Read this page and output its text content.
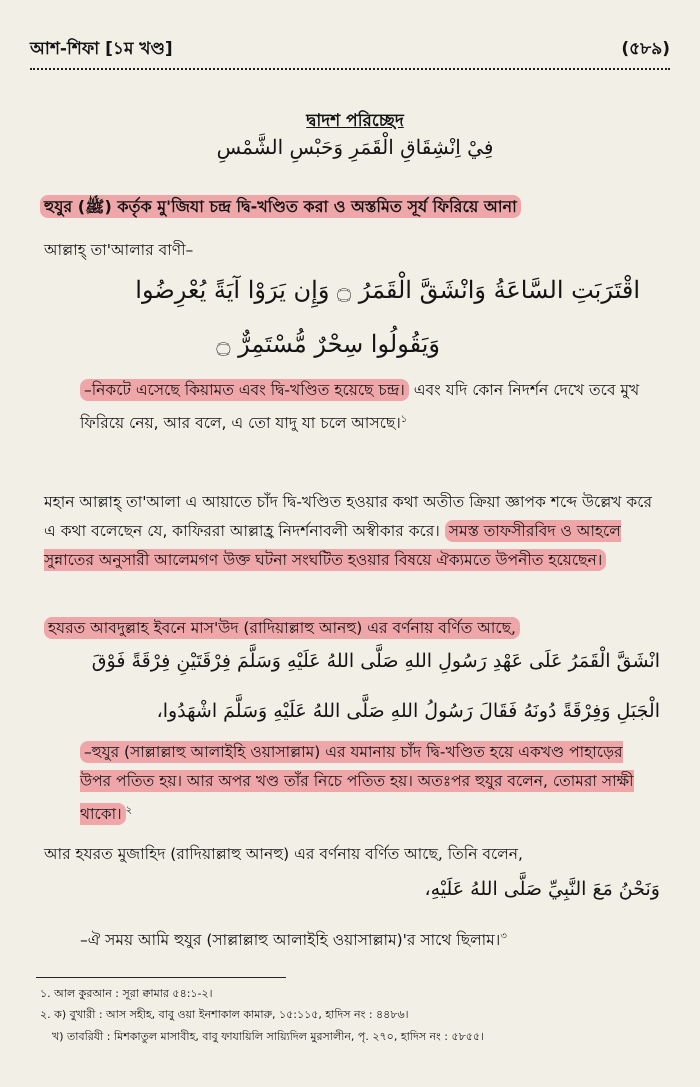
আশ-শিফা [১ম খণ্ড]	(৫৮৯)
দ্বাদশ পরিচ্ছেদ
فِيْ اِنْشِقَاقِ الْقَمَرِ وَحَبْسِ الشَّمْسِ
হুযুর (ﷺ) কর্তৃক মু'জিযা চন্দ্র দ্বি-খণ্ডিত করা ও অস্তমিত সূর্য ফিরিয়ে আনা
আল্লাহ্ তা'আলার বাণী–
اقْتَرَبَتِ السَّاعَةُ وَانْشَقَّ الْقَمَرُ ۝ وَإِن يَرَوْا آيَةً يُعْرِضُوا
وَيَقُولُوا سِحْرٌ مُّسْتَمِرٌّ ۝
–নিকটে এসেছে কিয়ামত এবং দ্বি-খণ্ডিত হয়েছে চন্দ্র। এবং যদি কোন নিদর্শন দেখে তবে মুখ ফিরিয়ে নেয়, আর বলে, এ তো যাদু যা চলে আসছে।$^১$
মহান আল্লাহ্ তা'আলা এ আয়াতে চাঁদ দ্বি-খণ্ডিত হওয়ার কথা অতীত ক্রিয়া জ্ঞাপক শব্দে উল্লেখ করে এ কথা বলেছেন যে, কাফিররা আল্লাহ্র নিদর্শনাবলী অস্বীকার করে। সমস্ত তাফসীরবিদ ও আহলে সুন্নাতের অনুসারী আলেমগণ উক্ত ঘটনা সংঘটিত হওয়ার বিষয়ে ঐক্যমতে উপনীত হয়েছেন।
হযরত আবদুল্লাহ ইবনে মাস'উদ (রাদিয়াল্লাহু আনহু) এর বর্ণনায় বর্ণিত আছে,
انْشَقَّ الْقَمَرُ عَلَى عَهْدِ رَسُولِ اللهِ صَلَّى اللهُ عَلَيْهِ وَسَلَّمَ فِرْقَتَيْنِ فِرْقَةً فَوْقَ
الْجَبَلِ وَفِرْقَةً دُونَهُ فَقَالَ رَسُولُ اللهِ صَلَّى اللهُ عَلَيْهِ وَسَلَّمَ اشْهَدُوا،
–হুযুর (সাল্লাল্লাহু আলাইহি ওয়াসাল্লাম) এর যমানায় চাঁদ দ্বি-খণ্ডিত হয়ে একখণ্ড পাহাড়ের উপর পতিত হয়। আর অপর খণ্ড তাঁর নিচে পতিত হয়। অতঃপর হুযুর বলেন, তোমরা সাক্ষী থাকো। $^২$
আর হযরত মুজাহিদ (রাদিয়াল্লাহু আনহু) এর বর্ণনায় বর্ণিত আছে, তিনি বলেন,
وَنَحْنُ مَعَ النَّبِيِّ صَلَّى اللهُ عَلَيْهِ،
–ঐ সময় আমি হুযুর (সাল্লাল্লাহু আলাইহি ওয়াসাল্লাম)'র সাথে ছিলাম।$^৩$
১. আল কুরআন : সূরা ক্বামার ৫৪:১-২।
২. ক) বুখারী : আস সহীহ, বাবু ওয়া ইনশাকাল কামারু, ১৫:১১৫, হাদিস নং : ৪৪৮৬।
খ) তাবরিযী : মিশকাতুল মাসাবীহ, বাবু ফাযায়িলি সায়্যিদিল মুরসালীন, পৃ. ২৭০, হাদিস নং : ৫৮৫৫।
